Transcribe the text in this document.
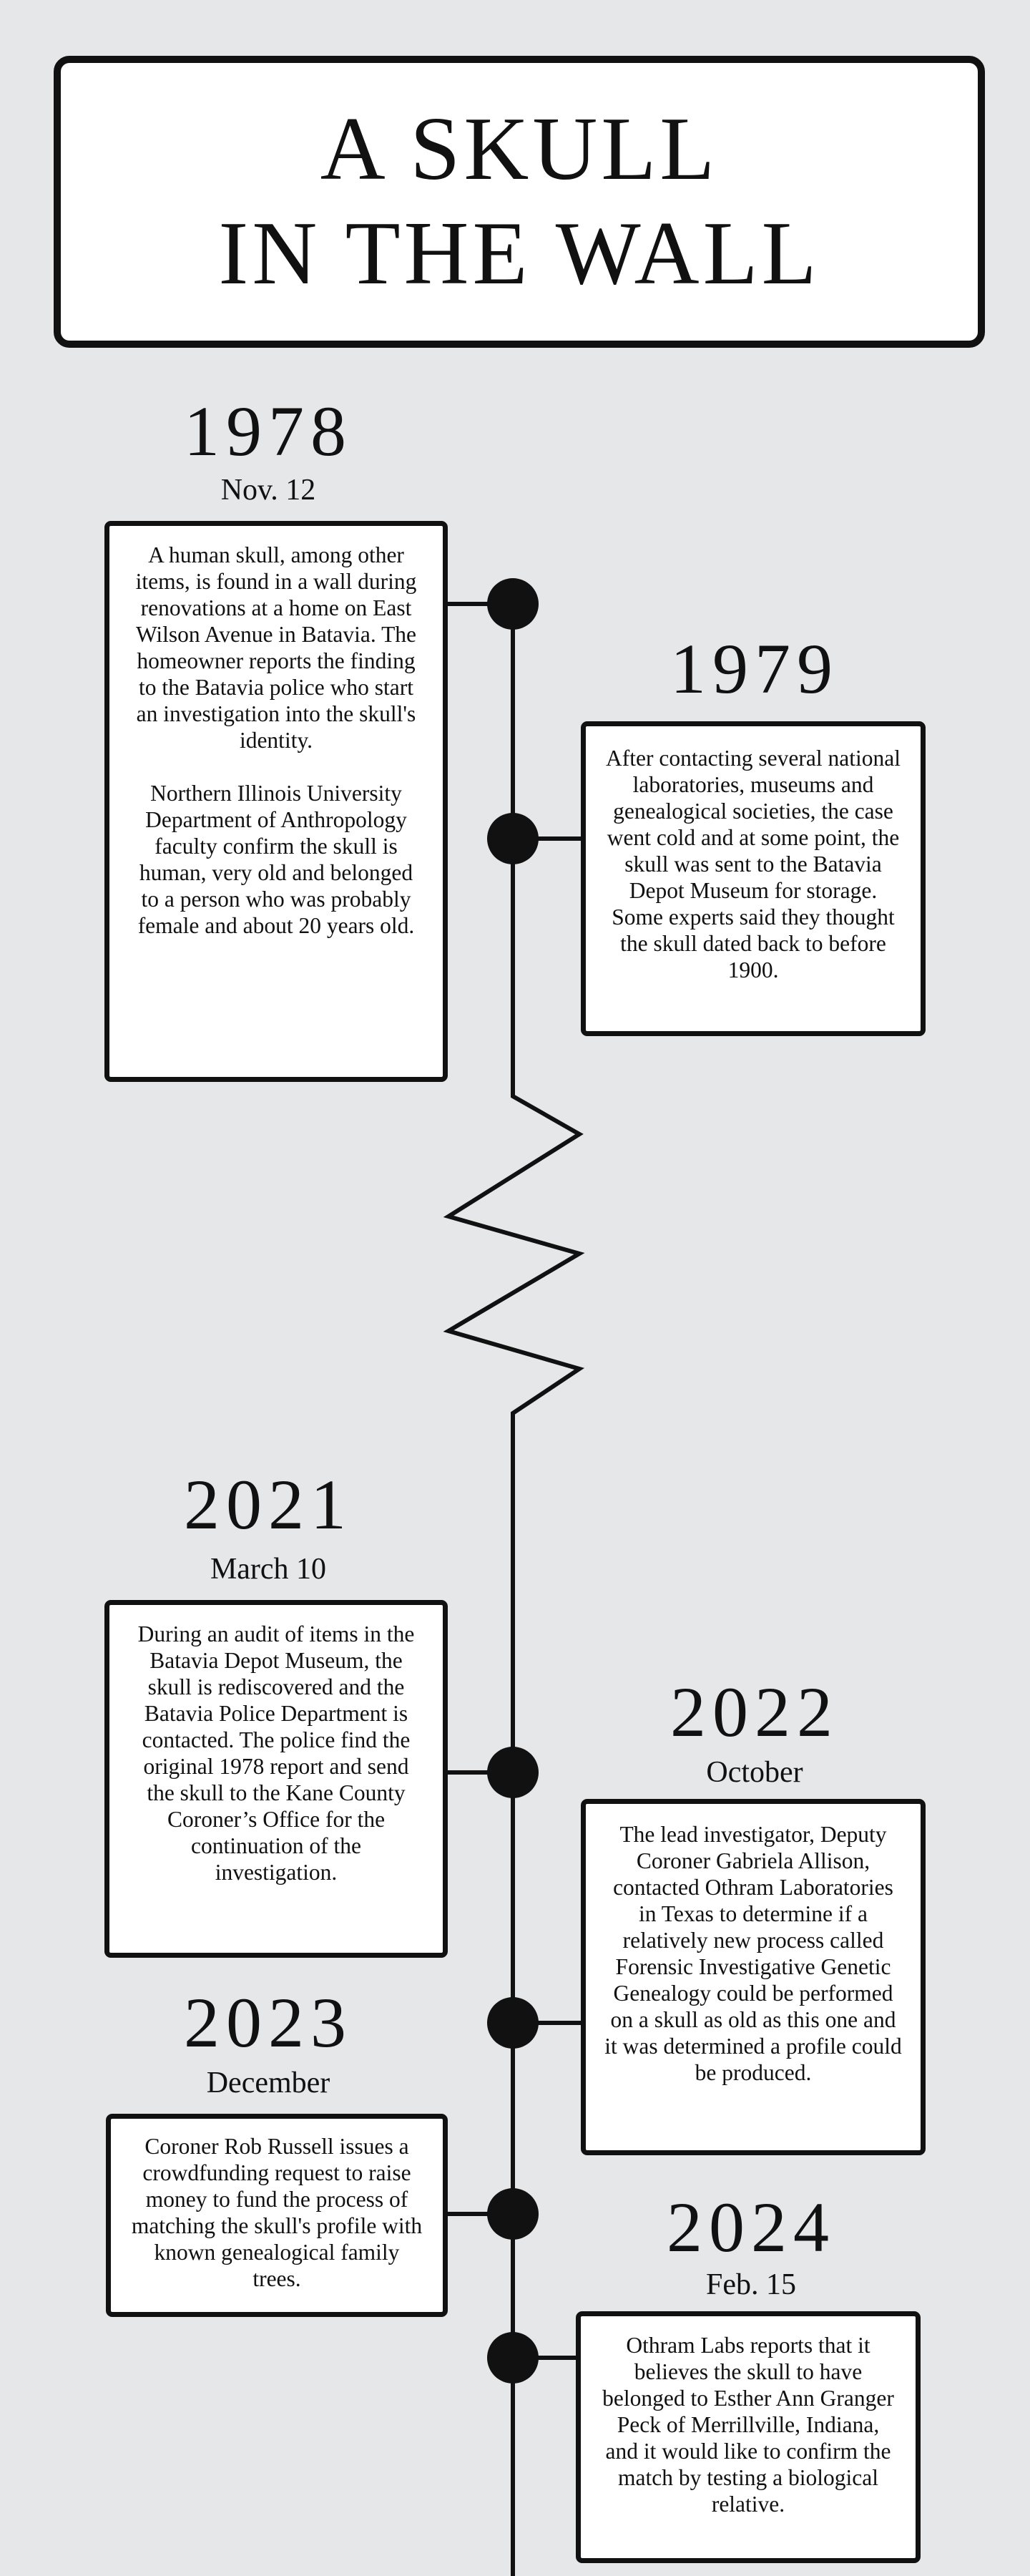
A SKULL
IN THE WALL
1978
Nov. 12

A human skull, among other items, is found in a wall during renovations at a home on East Wilson Avenue in Batavia. The homeowner reports the finding to the Batavia police who start an investigation into the skull's identity.

Northern Illinois University Department of Anthropology faculty confirm the skull is human, very old and belonged to a person who was probably female and about 20 years old.

1979

After contacting several national laboratories, museums and genealogical societies, the case went cold and at some point, the skull was sent to the Batavia Depot Museum for storage. Some experts said they thought the skull dated back to before 1900.

2021
March 10

During an audit of items in the Batavia Depot Museum, the skull is rediscovered and the Batavia Police Department is contacted. The police find the original 1978 report and send the skull to the Kane County Coroner’s Office for the continuation of the investigation.

2022
October

The lead investigator, Deputy Coroner Gabriela Allison, contacted Othram Laboratories in Texas to determine if a relatively new process called Forensic Investigative Genetic Genealogy could be performed on a skull as old as this one and it was determined a profile could be produced.

2023
December

Coroner Rob Russell issues a crowdfunding request to raise money to fund the process of matching the skull's profile with known genealogical family trees.

2024
Feb. 15

Othram Labs reports that it believes the skull to have belonged to Esther Ann Granger Peck of Merrillville, Indiana, and it would like to confirm the match by testing a biological relative.
